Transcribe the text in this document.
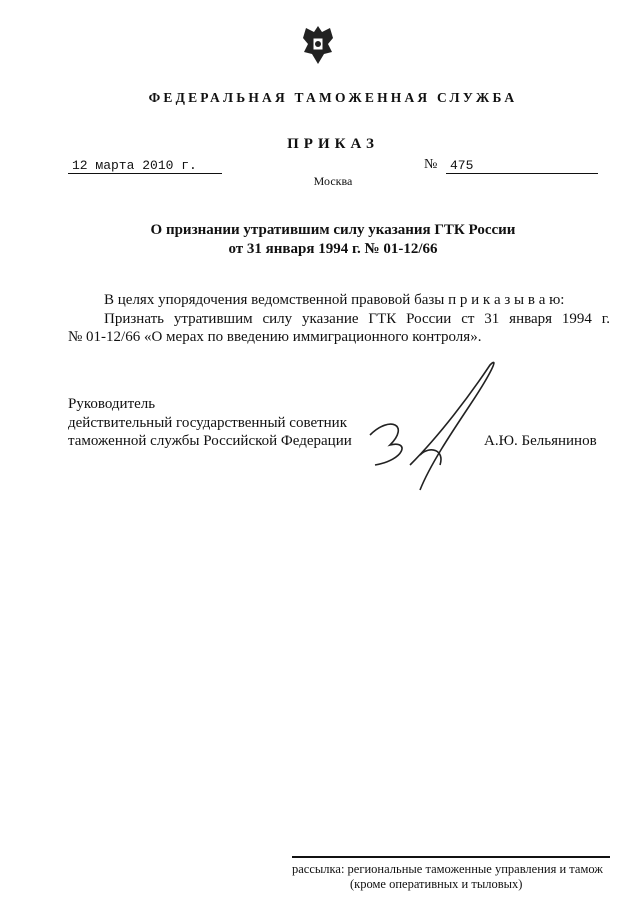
ФЕДЕРАЛЬНАЯ ТАМОЖЕННАЯ СЛУЖБА
ПРИКАЗ
12 марта 2010 г.	№ 475
Москва
О признании утратившим силу указания ГТК России
от 31 января 1994 г. № 01-12/66
В целях упорядочения ведомственной правовой базы п р и к а з ы в а ю:
Признать утратившим силу указание ГТК России ст 31 января 1994 г.
№ 01-12/66 «О мерах по введению иммиграционного контроля».
Руководитель
действительный государственный советник
таможенной службы Российской Федерации	А.Ю. Бельянинов
рассылка: региональные таможенные управления и тамож
(кроме оперативных и тыловых)
